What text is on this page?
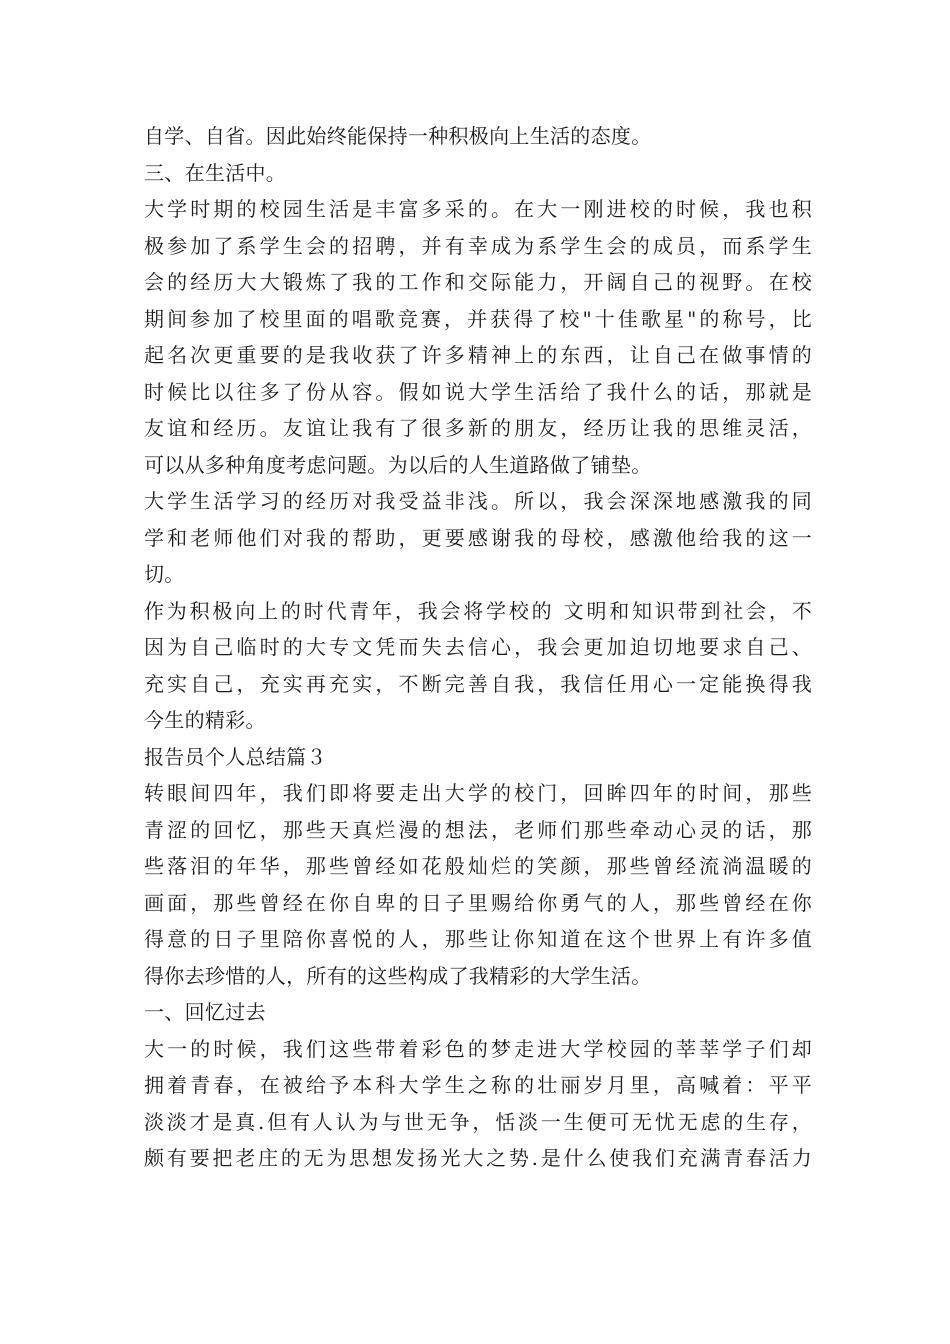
自学、自省。因此始终能保持一种积极向上生活的态度。
三、在生活中。
大学时期的校园生活是丰富多采的。在大一刚进校的时候，我也积
极参加了系学生会的招聘，并有幸成为系学生会的成员，而系学生
会的经历大大锻炼了我的工作和交际能力，开阔自己的视野。在校
期间参加了校里面的唱歌竞赛，并获得了校"十佳歌星"的称号，比
起名次更重要的是我收获了许多精神上的东西，让自己在做事情的
时候比以往多了份从容。假如说大学生活给了我什么的话，那就是
友谊和经历。友谊让我有了很多新的朋友，经历让我的思维灵活，
可以从多种角度考虑问题。为以后的人生道路做了铺垫。
大学生活学习的经历对我受益非浅。所以，我会深深地感激我的同
学和老师他们对我的帮助，更要感谢我的母校，感激他给我的这一
切。
作为积极向上的时代青年，我会将学校的 文明和知识带到社会，不
因为自己临时的大专文凭而失去信心，我会更加迫切地要求自己、
充实自己，充实再充实，不断完善自我，我信任用心一定能换得我
今生的精彩。
报告员个人总结篇３
转眼间四年，我们即将要走出大学的校门，回眸四年的时间，那些
青涩的回忆，那些天真烂漫的想法，老师们那些牵动心灵的话，那
些落泪的年华，那些曾经如花般灿烂的笑颜，那些曾经流淌温暖的
画面，那些曾经在你自卑的日子里赐给你勇气的人，那些曾经在你
得意的日子里陪你喜悦的人，那些让你知道在这个世界上有许多值
得你去珍惜的人，所有的这些构成了我精彩的大学生活。
一、回忆过去
大一的时候，我们这些带着彩色的梦走进大学校园的莘莘学子们却
拥着青春，在被给予本科大学生之称的壮丽岁月里，高喊着：平平
淡淡才是真.但有人认为与世无争，恬淡一生便可无忧无虑的生存，
颇有要把老庄的无为思想发扬光大之势.是什么使我们充满青春活力
